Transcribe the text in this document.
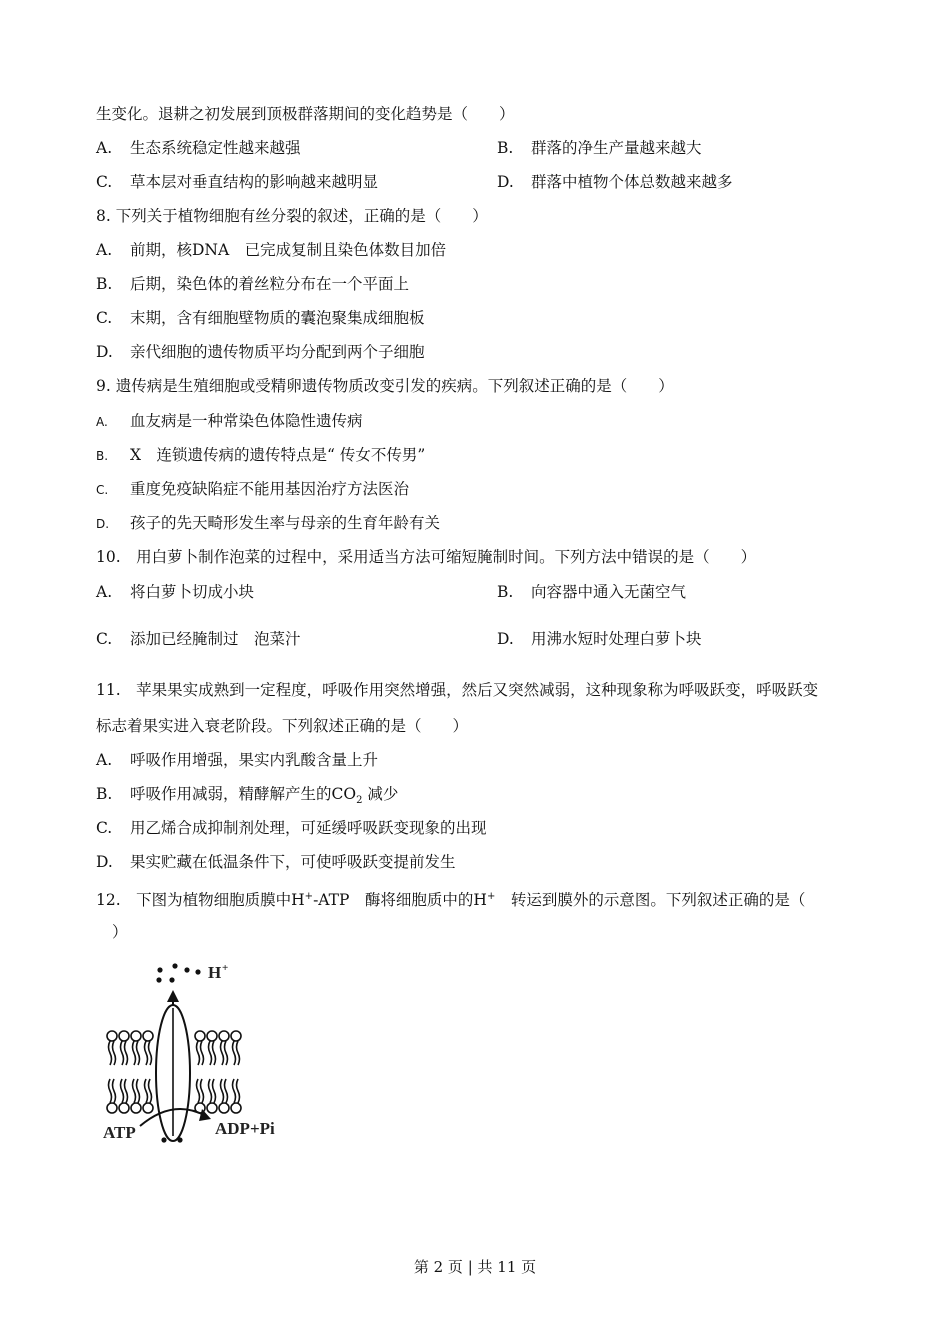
生变化。退耕之初发展到顶极群落期间的变化趋势是（　　）
A. 生态系统稳定性越来越强	B. 群落的净生产量越来越大
C. 草本层对垂直结构的影响越来越明显	D. 群落中植物个体总数越来越多
8. 下列关于植物细胞有丝分裂的叙述，正确的是（　　）
A. 前期，核DNA　已完成复制且染色体数目加倍
B. 后期，染色体的着丝粒分布在一个平面上
C. 末期，含有细胞壁物质的囊泡聚集成细胞板
D. 亲代细胞的遗传物质平均分配到两个子细胞
9. 遗传病是生殖细胞或受精卵遗传物质改变引发的疾病。下列叙述正确的是（　　）
A. 血友病是一种常染色体隐性遗传病
B. X　连锁遗传病的遗传特点是“ 传女不传男”
C. 重度免疫缺陷症不能用基因治疗方法医治
D. 孩子的先天畸形发生率与母亲的生育年龄有关
10.　用白萝卜制作泡菜的过程中，采用适当方法可缩短腌制时间。下列方法中错误的是（　　）
A. 将白萝卜切成小块	B. 向容器中通入无菌空气
C. 添加已经腌制过　泡菜汁	D. 用沸水短时处理白萝卜块
11.　苹果果实成熟到一定程度，呼吸作用突然增强，然后又突然减弱，这种现象称为呼吸跃变，呼吸跃变
标志着果实进入衰老阶段。下列叙述正确的是（　　）
A. 呼吸作用增强，果实内乳酸含量上升
B. 呼吸作用减弱，精酵解产生的$CO_2$ 减少
C. 用乙烯合成抑制剂处理，可延缓呼吸跃变现象的出现
D. 果实贮藏在低温条件下，可使呼吸跃变提前发生
12.　下图为植物细胞质膜中H+-ATP　酶将细胞质中的H+　转运到膜外的示意图。下列叙述正确的是（
）
H +
ATP	ADP+Pi
第 2 页 | 共 11 页
